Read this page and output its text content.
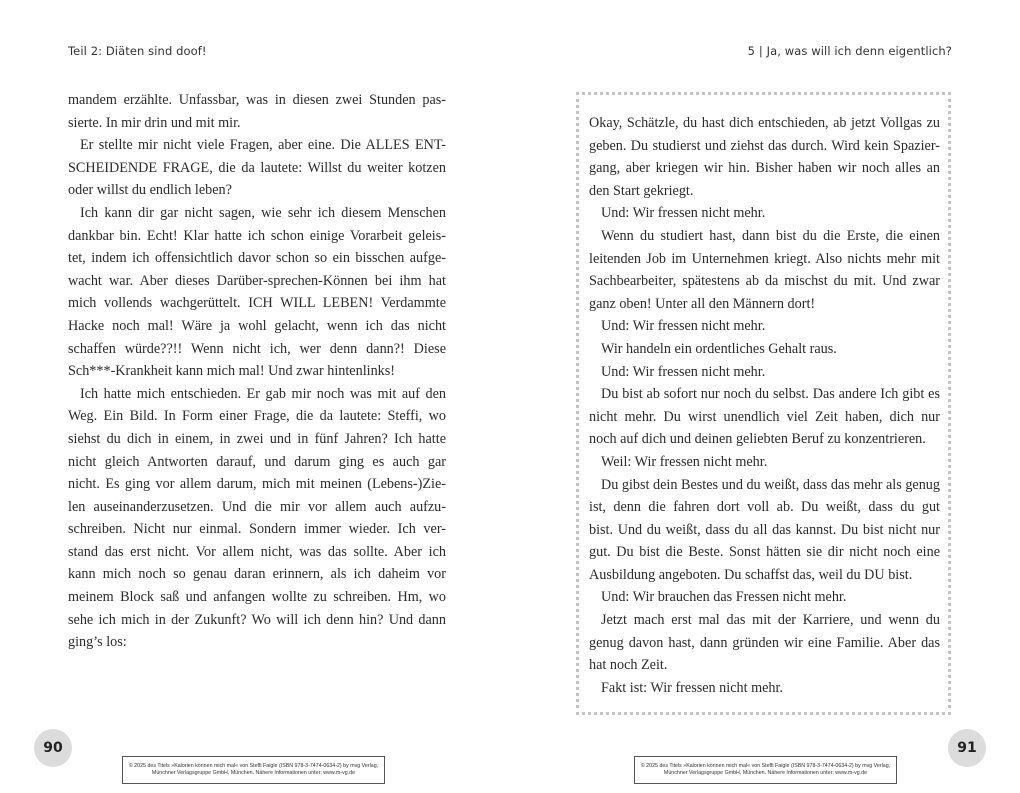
Teil 2: Diäten sind doof!	5 | Ja, was will ich denn eigentlich?
mandem erzählte. Unfassbar, was in diesen zwei Stunden pas-
sierte. In mir drin und mit mir.
Er stellte mir nicht viele Fragen, aber eine. Die ALLES ENT-
SCHEIDENDE FRAGE, die da lautete: Willst du weiter kotzen
oder willst du endlich leben?
Ich kann dir gar nicht sagen, wie sehr ich diesem Menschen
dankbar bin. Echt! Klar hatte ich schon einige Vorarbeit geleis-
tet, indem ich offensichtlich davor schon so ein bisschen aufge-
wacht war. Aber dieses Darüber-sprechen-Können bei ihm hat
mich vollends wachgerüttelt. ICH WILL LEBEN! Verdammte
Hacke noch mal! Wäre ja wohl gelacht, wenn ich das nicht
schaffen würde??!! Wenn nicht ich, wer denn dann?! Diese
Sch***-Krankheit kann mich mal! Und zwar hintenlinks!
Ich hatte mich entschieden. Er gab mir noch was mit auf den
Weg. Ein Bild. In Form einer Frage, die da lautete: Steffi, wo
siehst du dich in einem, in zwei und in fünf Jahren? Ich hatte
nicht gleich Antworten darauf, und darum ging es auch gar
nicht. Es ging vor allem darum, mich mit meinen (Lebens-)Zie-
len auseinanderzusetzen. Und die mir vor allem auch aufzu-
schreiben. Nicht nur einmal. Sondern immer wieder. Ich ver-
stand das erst nicht. Vor allem nicht, was das sollte. Aber ich
kann mich noch so genau daran erinnern, als ich daheim vor
meinem Block saß und anfangen wollte zu schreiben. Hm, wo
sehe ich mich in der Zukunft? Wo will ich denn hin? Und dann
ging’s los:
Okay, Schätzle, du hast dich entschieden, ab jetzt Vollgas zu
geben. Du studierst und ziehst das durch. Wird kein Spazier-
gang, aber kriegen wir hin. Bisher haben wir noch alles an
den Start gekriegt.
Und: Wir fressen nicht mehr.
Wenn du studiert hast, dann bist du die Erste, die einen
leitenden Job im Unternehmen kriegt. Also nichts mehr mit
Sachbearbeiter, spätestens ab da mischst du mit. Und zwar
ganz oben! Unter all den Männern dort!
Und: Wir fressen nicht mehr.
Wir handeln ein ordentliches Gehalt raus.
Und: Wir fressen nicht mehr.
Du bist ab sofort nur noch du selbst. Das andere Ich gibt es
nicht mehr. Du wirst unendlich viel Zeit haben, dich nur
noch auf dich und deinen geliebten Beruf zu konzentrieren.
Weil: Wir fressen nicht mehr.
Du gibst dein Bestes und du weißt, dass das mehr als genug
ist, denn die fahren dort voll ab. Du weißt, dass du gut
bist. Und du weißt, dass du all das kannst. Du bist nicht nur
gut. Du bist die Beste. Sonst hätten sie dir nicht noch eine
Ausbildung angeboten. Du schaffst das, weil du DU bist.
Und: Wir brauchen das Fressen nicht mehr.
Jetzt mach erst mal das mit der Karriere, und wenn du
genug davon hast, dann gründen wir eine Familie. Aber das
hat noch Zeit.
Fakt ist: Wir fressen nicht mehr.
90	91
© 2025 des Titels »Kalorien können mich mal« von Steffi Faigle (ISBN 978-3-7474-0634-2) by mvg Verlag,
Münchner Verlagsgruppe GmbH, München. Nähere Informationen unter: www.m-vg.de
© 2025 des Titels »Kalorien können mich mal« von Steffi Faigle (ISBN 978-3-7474-0634-2) by mvg Verlag,
Münchner Verlagsgruppe GmbH, München. Nähere Informationen unter: www.m-vg.de
